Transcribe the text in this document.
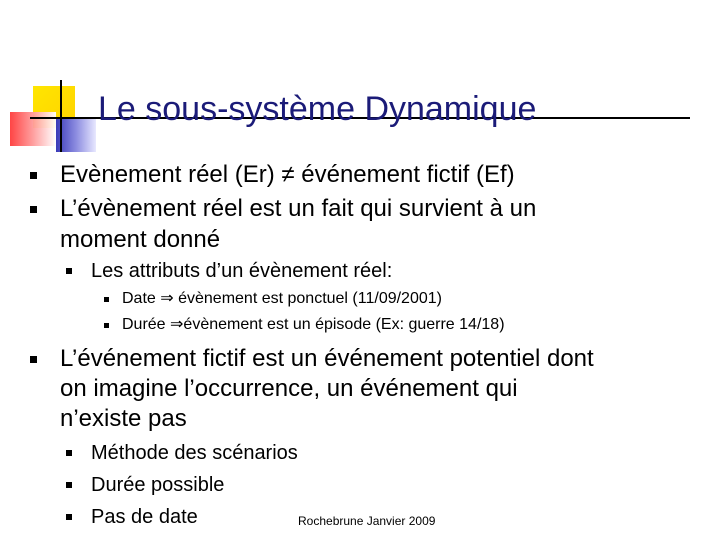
Le sous-système Dynamique
Evènement réel (Er) ≠ événement fictif (Ef)
L’évènement réel est un fait qui survient à un
moment donné
Les attributs d’un évènement réel:
Date ⇒ évènement est ponctuel (11/09/2001)
Durée ⇒évènement est un épisode (Ex: guerre 14/18)
L’événement fictif est un événement potentiel dont
on imagine l’occurrence, un événement qui
n’existe pas
Méthode des scénarios
Durée possible
Pas de date	Rochebrune Janvier 2009
